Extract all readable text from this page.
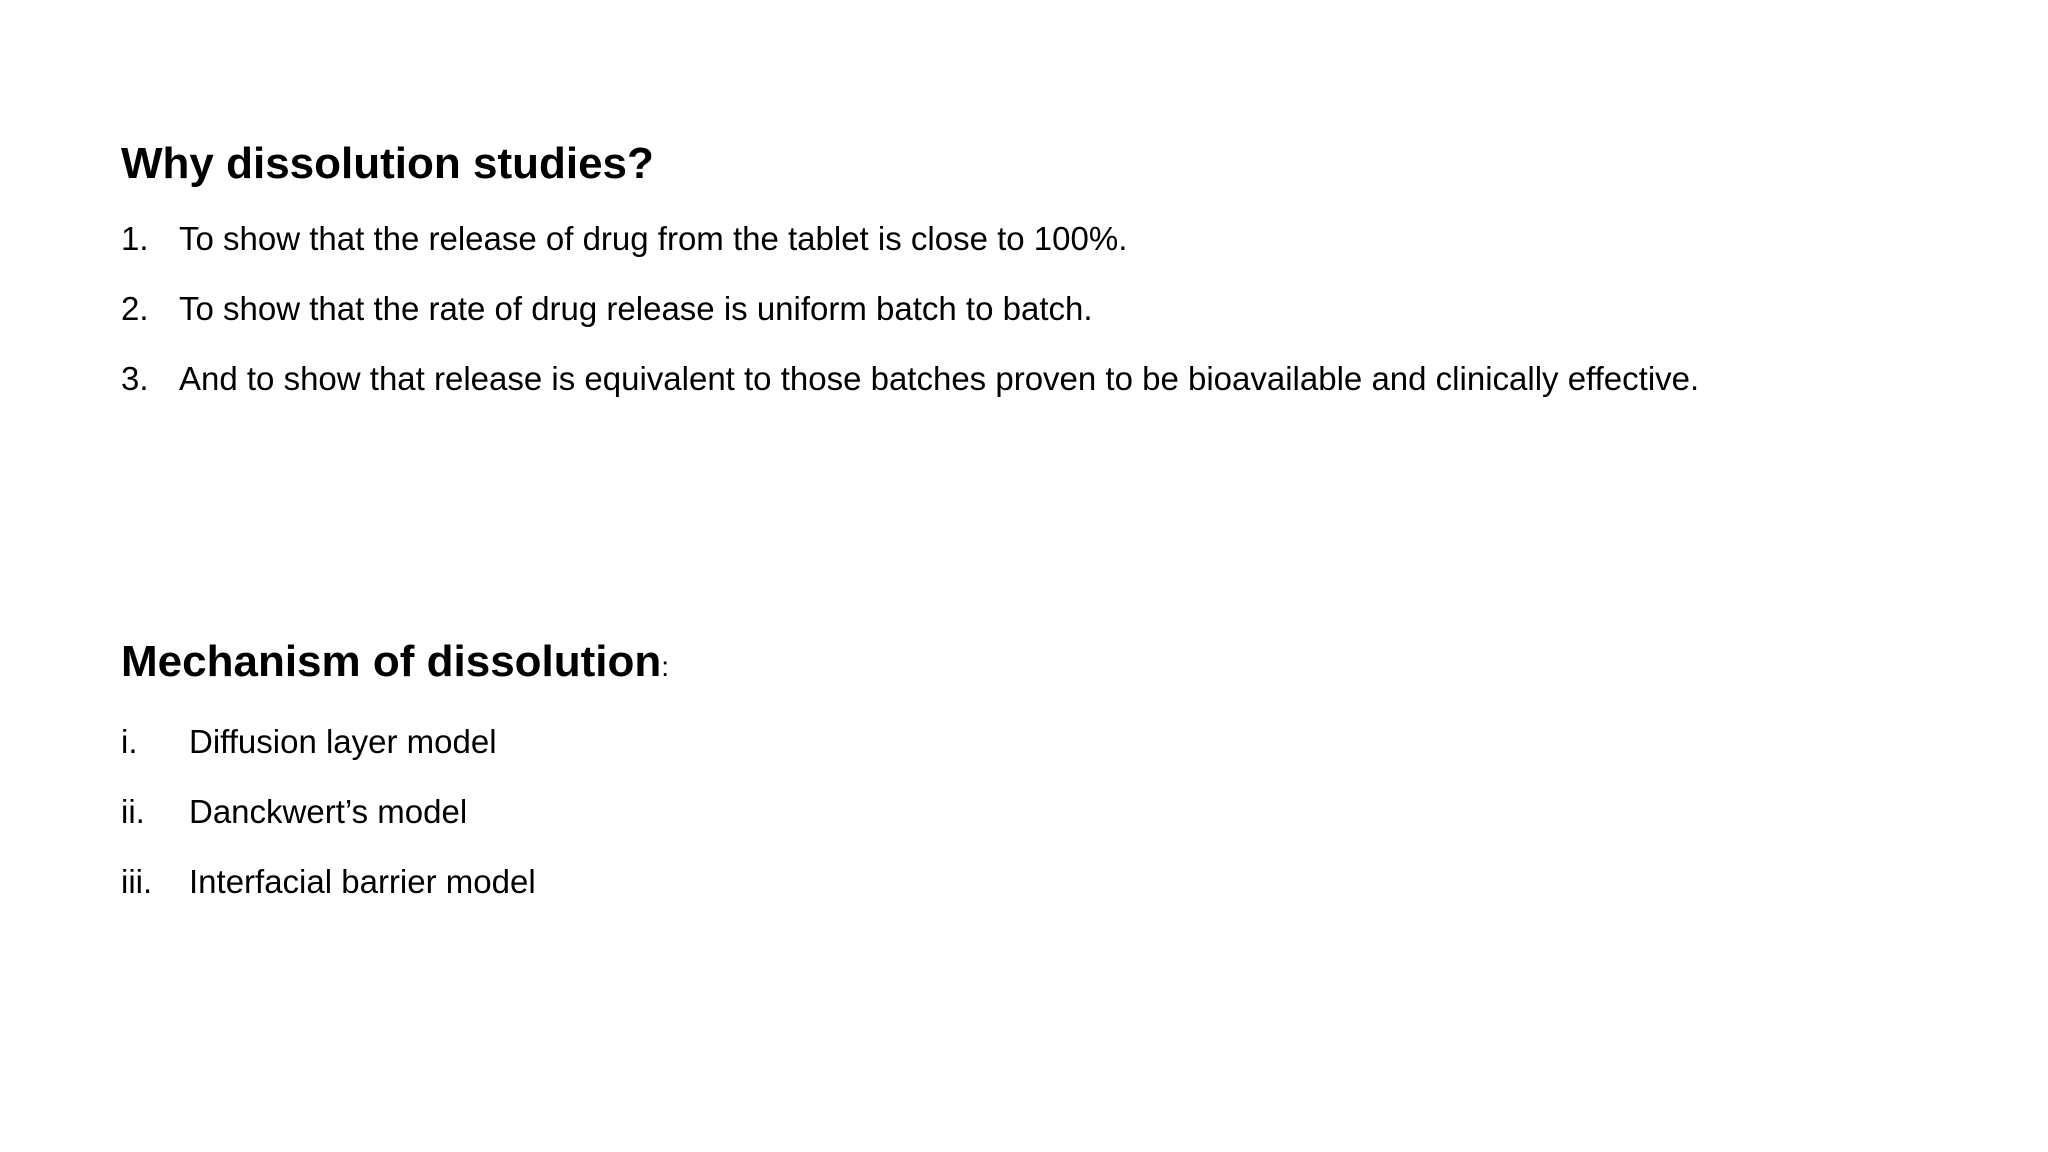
Why dissolution studies?
1. To show that the release of drug from the tablet is close to 100%.
2. To show that the rate of drug release is uniform batch to batch.
3. And to show that release is equivalent to those batches proven to be bioavailable and clinically effective.
Mechanism of dissolution:
i.	Diffusion layer model
ii.	Danckwert’s model
iii.	Interfacial barrier model
